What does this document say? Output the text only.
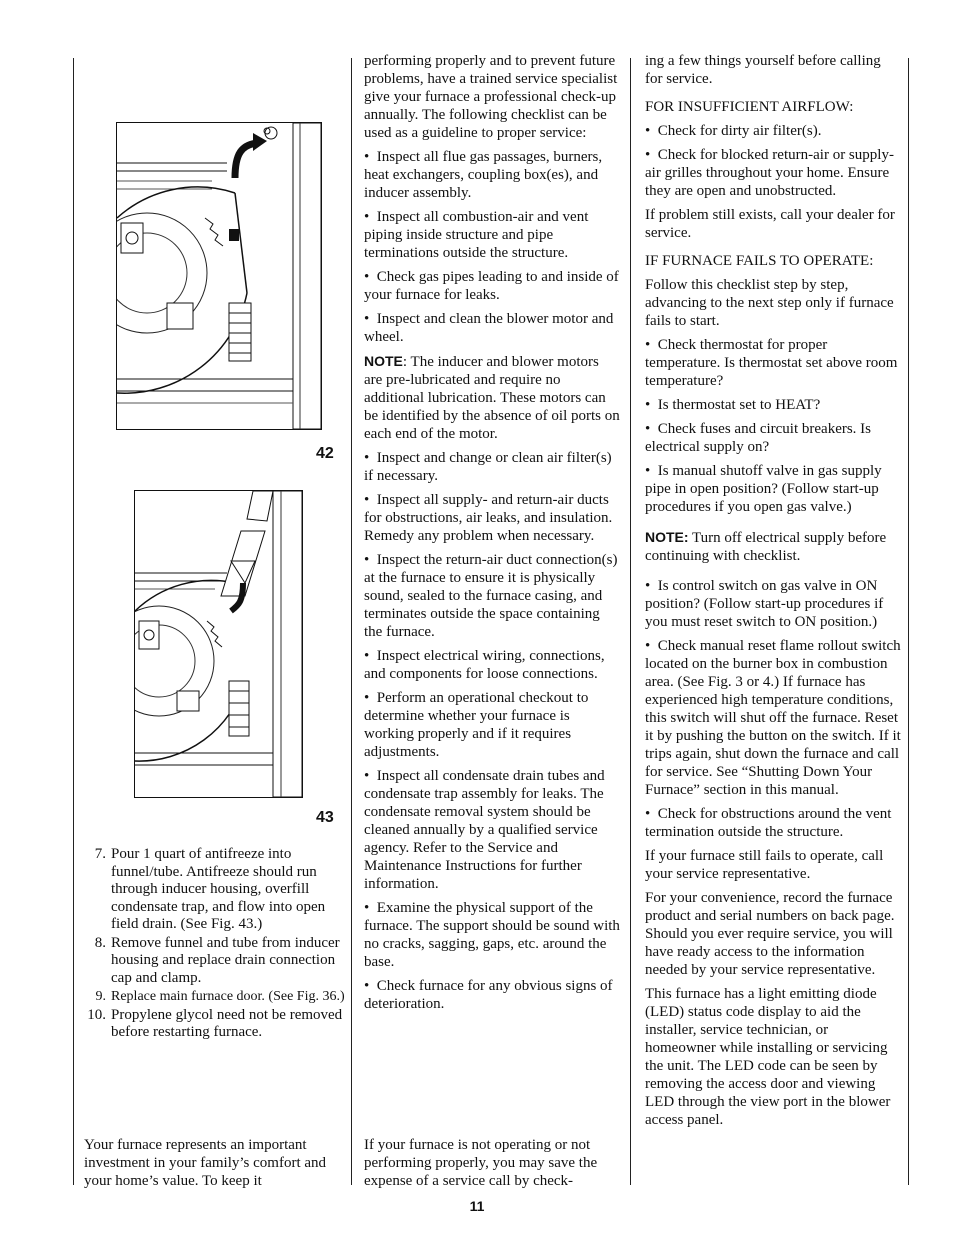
42
43
7. Pour 1 quart of antifreeze into funnel/tube. Antifreeze should run through inducer housing, overfill condensate trap, and flow into open field drain. (See Fig. 43.)
8. Remove funnel and tube from inducer housing and replace drain connection cap and clamp.
9. Replace main furnace door. (See Fig. 36.)
10. Propylene glycol need not be removed before restarting furnace.

Your furnace represents an important investment in your family’s comfort and your home’s value. To keep it

performing properly and to prevent future problems, have a trained service specialist give your furnace a professional check-up annually. The following checklist can be used as a guideline to proper service:

•  Inspect all flue gas passages, burners, heat exchangers, coupling box(es), and inducer assembly.

•  Inspect all combustion-air and vent piping inside structure and pipe terminations outside the structure.

•  Check gas pipes leading to and inside of your furnace for leaks.

•  Inspect and clean the blower motor and wheel.

NOTE: The inducer and blower motors are pre-lubricated and require no additional lubrication. These motors can be identified by the absence of oil ports on each end of the motor.

•  Inspect and change or clean air filter(s) if necessary.

•  Inspect all supply- and return-air ducts for obstructions, air leaks, and insulation. Remedy any problem when necessary.

•  Inspect the return-air duct connection(s) at the furnace to ensure it is physically sound, sealed to the furnace casing, and terminates outside the space containing the furnace.

•  Inspect electrical wiring, connections, and components for loose connections.

•  Perform an operational checkout to determine whether your furnace is working properly and if it requires adjustments.

•  Inspect all condensate drain tubes and condensate trap assembly for leaks. The condensate removal system should be cleaned annually by a qualified service agency. Refer to the Service and Maintenance Instructions for further information.

•  Examine the physical support of the furnace. The support should be sound with no cracks, sagging, gaps, etc. around the base.

•  Check furnace for any obvious signs of deterioration.

If your furnace is not operating or not performing properly, you may save the expense of a service call by check-

ing a few things yourself before calling for service.

FOR INSUFFICIENT AIRFLOW:

•  Check for dirty air filter(s).

•  Check for blocked return-air or supply-air grilles throughout your home. Ensure they are open and unobstructed.

If problem still exists, call your dealer for service.

IF FURNACE FAILS TO OPERATE:

Follow this checklist step by step, advancing to the next step only if furnace fails to start.

•  Check thermostat for proper temperature. Is thermostat set above room temperature?

•  Is thermostat set to HEAT?

•  Check fuses and circuit breakers. Is electrical supply on?

•  Is manual shutoff valve in gas supply pipe in open position? (Follow start-up procedures if you open gas valve.)

NOTE: Turn off electrical supply before continuing with checklist.

•  Is control switch on gas valve in ON position? (Follow start-up procedures if you must reset switch to ON position.)

•  Check manual reset flame rollout switch located on the burner box in combustion area. (See Fig. 3 or 4.) If furnace has experienced high temperature conditions, this switch will shut off the furnace. Reset it by pushing the button on the switch. If it trips again, shut down the furnace and call for service. See “Shutting Down Your Furnace” section in this manual.

•  Check for obstructions around the vent termination outside the structure.

If your furnace still fails to operate, call your service representative.

For your convenience, record the furnace product and serial numbers on back page. Should you ever require service, you will have ready access to the information needed by your service representative.

This furnace has a light emitting diode (LED) status code display to aid the installer, service technician, or homeowner while installing or servicing the unit. The LED code can be seen by removing the access door and viewing LED through the view port in the blower access panel.

11
